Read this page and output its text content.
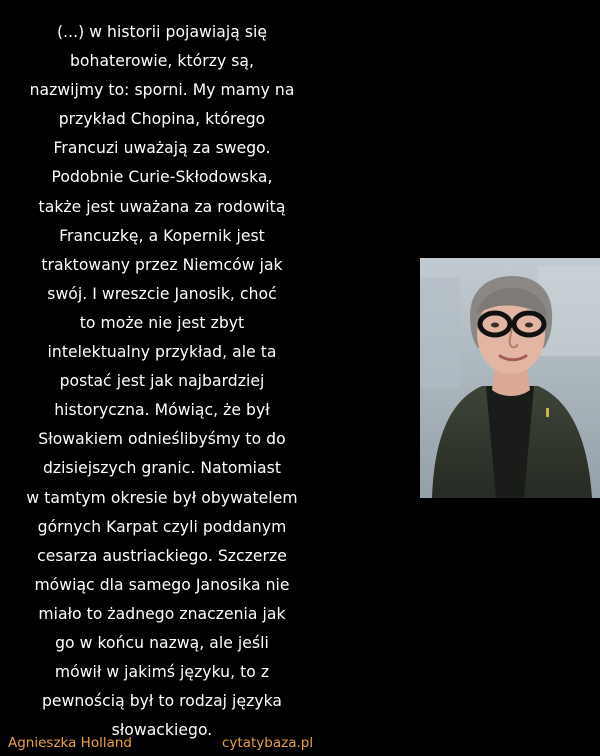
(...) w historii pojawiają się
bohaterowie, którzy są,
nazwijmy to: sporni. My mamy na
przykład Chopina, którego
Francuzi uważają za swego.
Podobnie Curie-Skłodowska,
także jest uważana za rodowitą
Francuzkę, a Kopernik jest
traktowany przez Niemców jak
swój. I wreszcie Janosik, choć
to może nie jest zbyt
intelektualny przykład, ale ta
postać jest jak najbardziej
historyczna. Mówiąc, że był
Słowakiem odnieślibyśmy to do
dzisiejszych granic. Natomiast
w tamtym okresie był obywatelem
górnych Karpat czyli poddanym
cesarza austriackiego. Szczerze
mówiąc dla samego Janosika nie
miało to żadnego znaczenia jak
go w końcu nazwą, ale jeśli
mówił w jakimś języku, to z
pewnością był to rodzaj języka
słowackiego.

Agnieszka Holland	cytatybaza.pl
